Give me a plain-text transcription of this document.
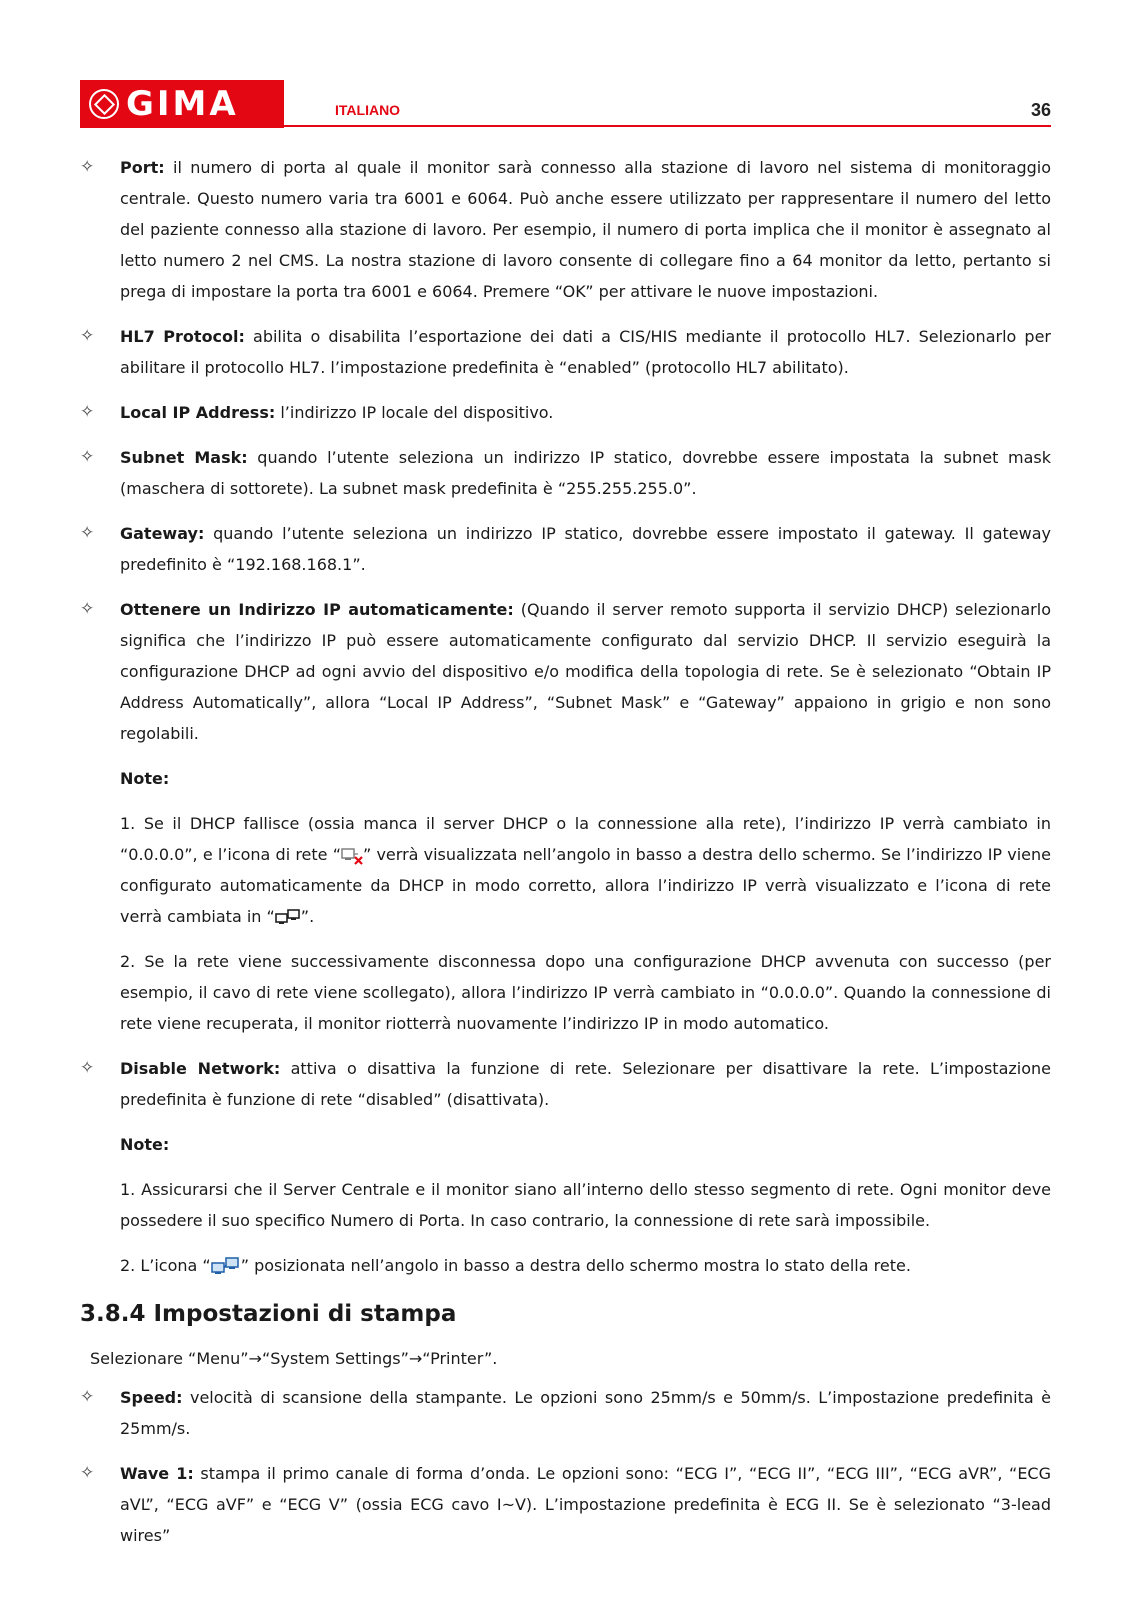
GIMA	ITALIANO	36
✧ Port: il numero di porta al quale il monitor sarà connesso alla stazione di lavoro nel sistema di monitoraggio centrale. Questo numero varia tra 6001 e 6064. Può anche essere utilizzato per rappresentare il numero del letto del paziente connesso alla stazione di lavoro. Per esempio, il numero di porta implica che il monitor è assegnato al letto numero 2 nel CMS. La nostra stazione di lavoro consente di collegare fino a 64 monitor da letto, pertanto si prega di impostare la porta tra 6001 e 6064. Premere “OK” per attivare le nuove impostazioni.
✧ HL7 Protocol: abilita o disabilita l’esportazione dei dati a CIS/HIS mediante il protocollo HL7. Selezionarlo per abilitare il protocollo HL7. l’impostazione predefinita è “enabled” (protocollo HL7 abilitato).
✧ Local IP Address: l’indirizzo IP locale del dispositivo.
✧ Subnet Mask: quando l’utente seleziona un indirizzo IP statico, dovrebbe essere impostata la subnet mask (maschera di sottorete). La subnet mask predefinita è “255.255.255.0”.
✧ Gateway: quando l’utente seleziona un indirizzo IP statico, dovrebbe essere impostato il gateway. Il gateway predefinito è “192.168.168.1”.
✧ Ottenere un Indirizzo IP automaticamente: (Quando il server remoto supporta il servizio DHCP) selezionarlo significa che l’indirizzo IP può essere automaticamente configurato dal servizio DHCP. Il servizio eseguirà la configurazione DHCP ad ogni avvio del dispositivo e/o modifica della topologia di rete. Se è selezionato “Obtain IP Address Automatically”, allora “Local IP Address”, “Subnet Mask” e “Gateway” appaiono in grigio e non sono regolabili.
Note:
1. Se il DHCP fallisce (ossia manca il server DHCP o la connessione alla rete), l’indirizzo IP verrà cambiato in “0.0.0.0”, e l’icona di rete “ ” verrà visualizzata nell’angolo in basso a destra dello schermo. Se l’indirizzo IP viene configurato automaticamente da DHCP in modo corretto, allora l’indirizzo IP verrà visualizzato e l’icona di rete verrà cambiata in “ ”.
2. Se la rete viene successivamente disconnessa dopo una configurazione DHCP avvenuta con successo (per esempio, il cavo di rete viene scollegato), allora l’indirizzo IP verrà cambiato in “0.0.0.0”. Quando la connessione di rete viene recuperata, il monitor riotterrà nuovamente l’indirizzo IP in modo automatico.
✧ Disable Network: attiva o disattiva la funzione di rete. Selezionare per disattivare la rete. L’impostazione predefinita è funzione di rete “disabled” (disattivata).
Note:
1. Assicurarsi che il Server Centrale e il monitor siano all’interno dello stesso segmento di rete. Ogni monitor deve possedere il suo specifico Numero di Porta. In caso contrario, la connessione di rete sarà impossibile.
2. L’icona “ ” posizionata nell’angolo in basso a destra dello schermo mostra lo stato della rete.
3.8.4 Impostazioni di stampa
Selezionare “Menu”→“System Settings”→“Printer”.
✧ Speed: velocità di scansione della stampante. Le opzioni sono 25mm/s e 50mm/s. L’impostazione predefinita è 25mm/s.
✧ Wave 1: stampa il primo canale di forma d’onda. Le opzioni sono: “ECG I”, “ECG II”, “ECG III”, “ECG aVR”, “ECG aVL”, “ECG aVF” e “ECG V” (ossia ECG cavo I~V). L’impostazione predefinita è ECG II. Se è selezionato “3-lead wires”
